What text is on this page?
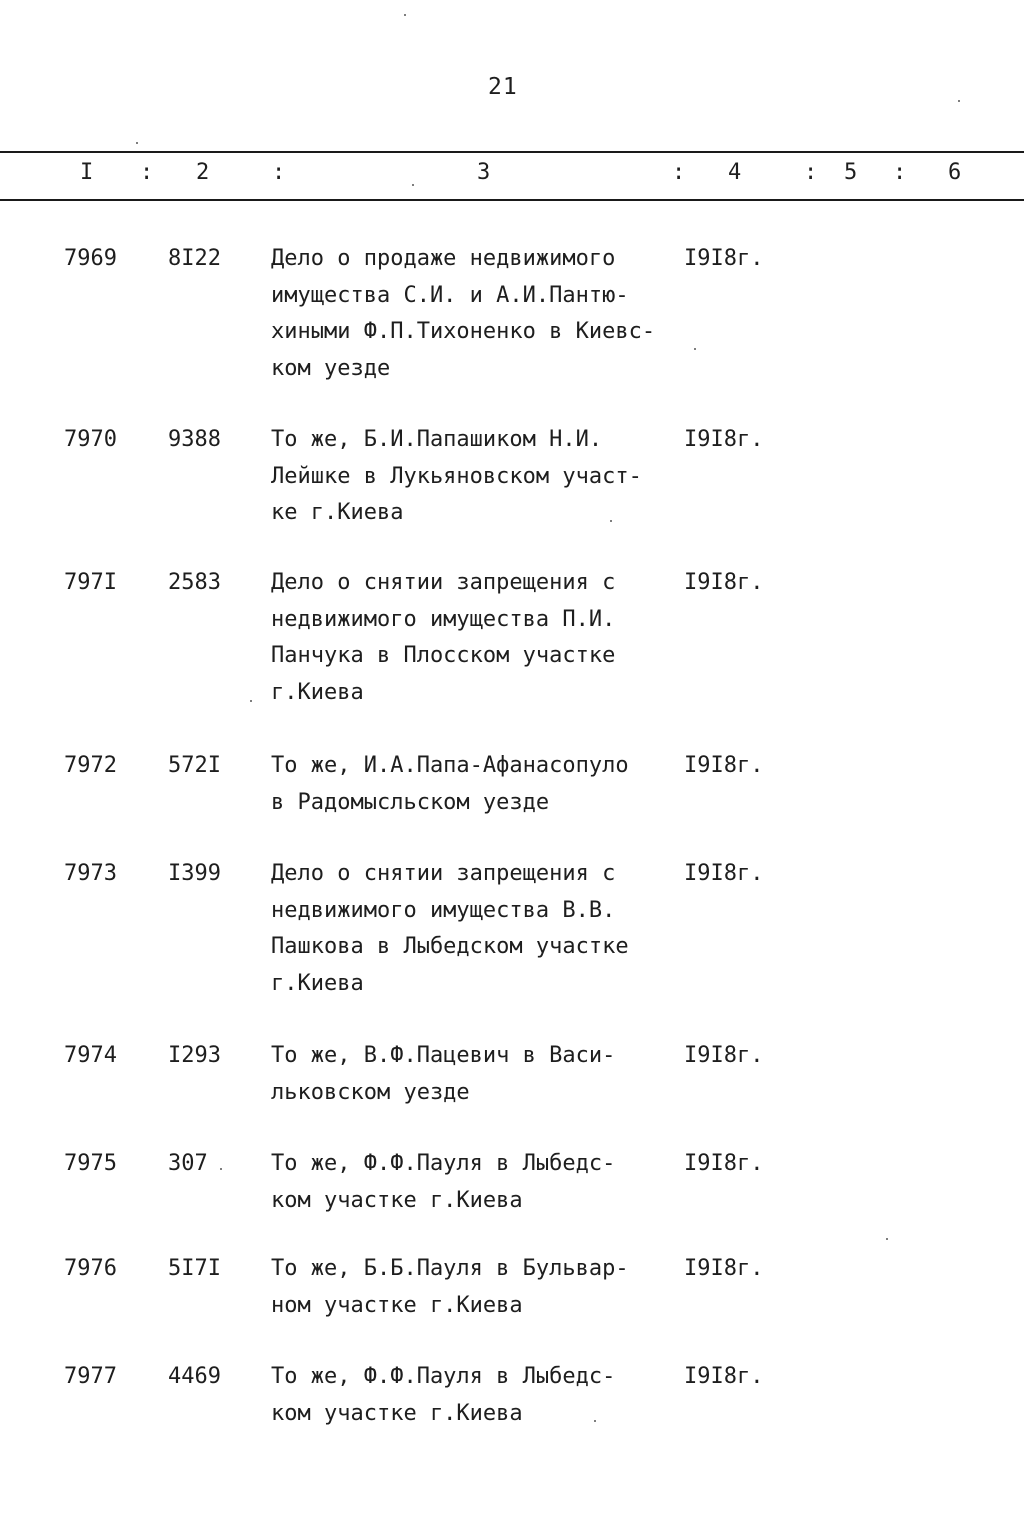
21
I : 2	:	3	: 4	: 5 : 6
7969 8I22 Дело о продаже недвижимого
имущества С.И. и А.И.Пантю-
хиными Ф.П.Тихоненко в Киевс-
ком уезде
I9I8г.
7970 9388 То же, Б.И.Папашиком Н.И.
Лейшке в Лукьяновском участ-
ке г.Киева
I9I8г.
797I 2583 Дело о снятии запрещения с
недвижимого имущества П.И.
Панчука в Плосском участке
г.Киева
I9I8г.
7972 572I То же, И.А.Папа-Афанасопуло
в Радомысльском уезде
I9I8г.
7973 I399 Дело о снятии запрещения с
недвижимого имущества В.В.
Пашкова в Лыбедском участке
г.Киева
I9I8г.
7974 I293 То же, В.Ф.Пацевич в Васи-
льковском уезде
I9I8г.
7975 307	То же, Ф.Ф.Пауля в Лыбедс-
ком участке г.Киева
I9I8г.
7976 5I7I То же, Б.Б.Пауля в Бульвар-
ном участке г.Киева
I9I8г.
7977 4469 То же, Ф.Ф.Пауля в Лыбедс-
ком участке г.Киева
I9I8г.
